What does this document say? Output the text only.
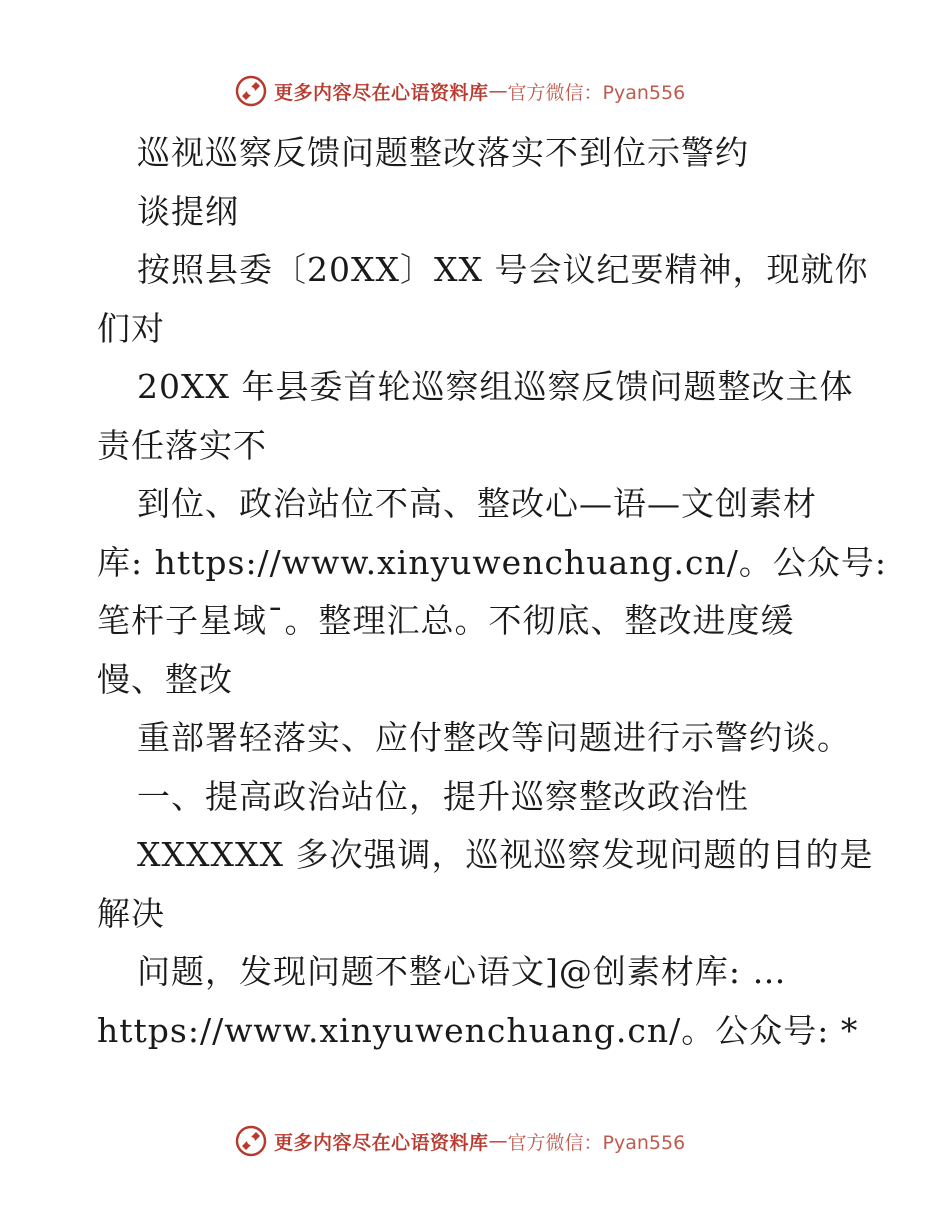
更多内容尽在心语资料库 — 官方微信：Pyan556

巡视巡察反馈问题整改落实不到位示警约

谈提纲

按照县委〔20XX〕XX 号会议纪要精神，现就你

们对

20XX 年县委首轮巡察组巡察反馈问题整改主体

责任落实不

到位、政治站位不高、整改心—语—文创素材

库: https://www.xinyuwenchuang.cn/。公众号:

笔杆子星域¯。整理汇总。不彻底、整改进度缓

慢、整改

重部署轻落实、应付整改等问题进行示警约谈。

一、提高政治站位，提升巡察整改政治性

XXXXXX 多次强调，巡视巡察发现问题的目的是

解决

问题，发现问题不整心语文]@创素材库: …

https://www.xinyuwenchuang.cn/。公众号: *

更多内容尽在心语资料库 — 官方微信：Pyan556
